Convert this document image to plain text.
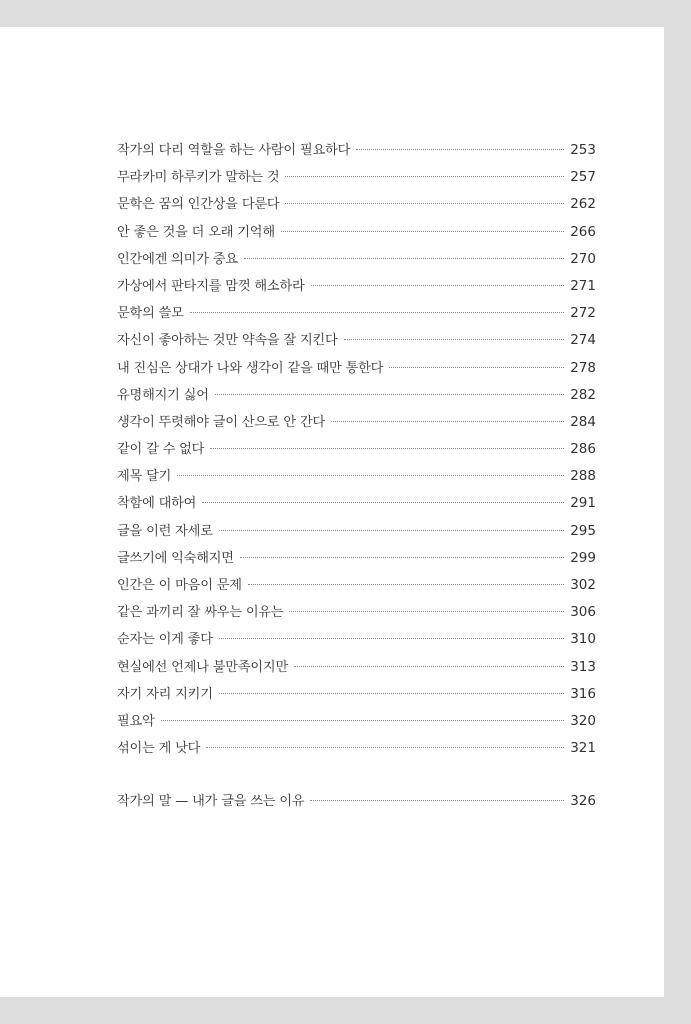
작가의 다리 역할을 하는 사람이 필요하다	253
무라카미 하루키가 말하는 것	257
문학은 꿈의 인간상을 다룬다	262
안 좋은 것을 더 오래 기억해	266
인간에겐 의미가 중요	270
가상에서 판타지를 맘껏 해소하라	271
문학의 쓸모	272
자신이 좋아하는 것만 약속을 잘 지킨다	274
내 진심은 상대가 나와 생각이 같을 때만 통한다	278
유명해지기 싫어	282
생각이 뚜렷해야 글이 산으로 안 간다	284
같이 갈 수 없다	286
제목 달기	288
착함에 대하여	291
글을 이런 자세로	295
글쓰기에 익숙해지면	299
인간은 이 마음이 문제	302
같은 과끼리 잘 싸우는 이유는	306
순자는 이게 좋다	310
현실에선 언제나 불만족이지만	313
자기 자리 지키기	316
필요악	320
섞이는 게 낫다	321
작가의 말 — 내가 글을 쓰는 이유	326
